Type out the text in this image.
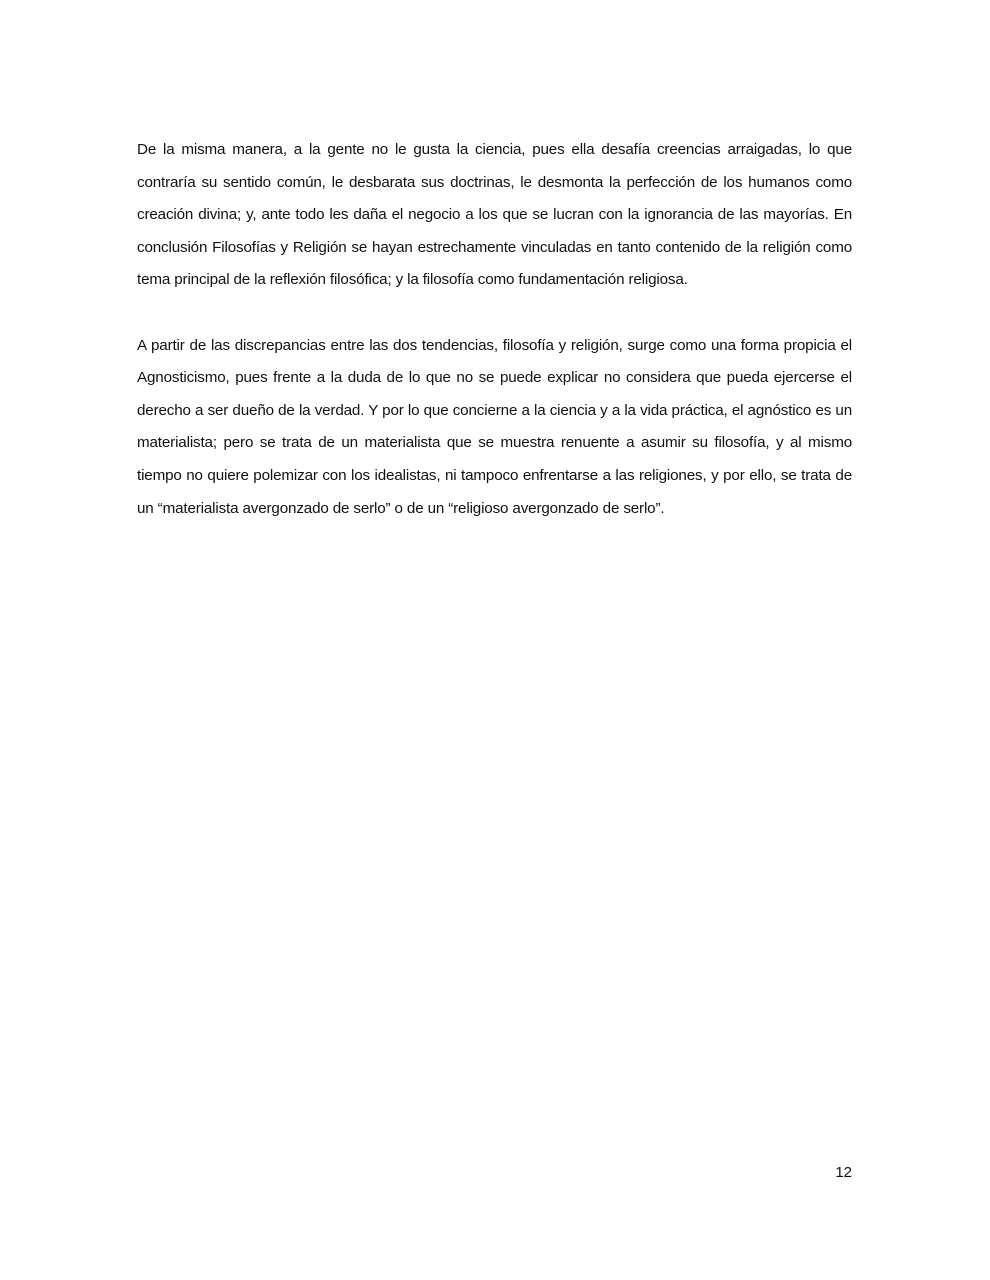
De la misma manera, a la gente no le gusta la ciencia, pues ella desafía creencias arraigadas, lo que contraría su sentido común, le desbarata sus doctrinas, le desmonta la perfección de los humanos como creación divina; y, ante todo les daña el negocio a los que se lucran con la ignorancia de las mayorías. En conclusión Filosofías y Religión se hayan estrechamente vinculadas en tanto contenido de la religión como tema principal de la reflexión filosófica; y la filosofía como fundamentación religiosa.

A partir de las discrepancias entre las dos tendencias, filosofía y religión, surge como una forma propicia el Agnosticismo, pues frente a la duda de lo que no se puede explicar no considera que pueda ejercerse el derecho a ser dueño de la verdad. Y por lo que concierne a la ciencia y a la vida práctica, el agnóstico es un materialista; pero se trata de un materialista que se muestra renuente a asumir su filosofía, y al mismo tiempo no quiere polemizar con los idealistas, ni tampoco enfrentarse a las religiones, y por ello, se trata de un “materialista avergonzado de serlo” o de un “religioso avergonzado de serlo”.

12
